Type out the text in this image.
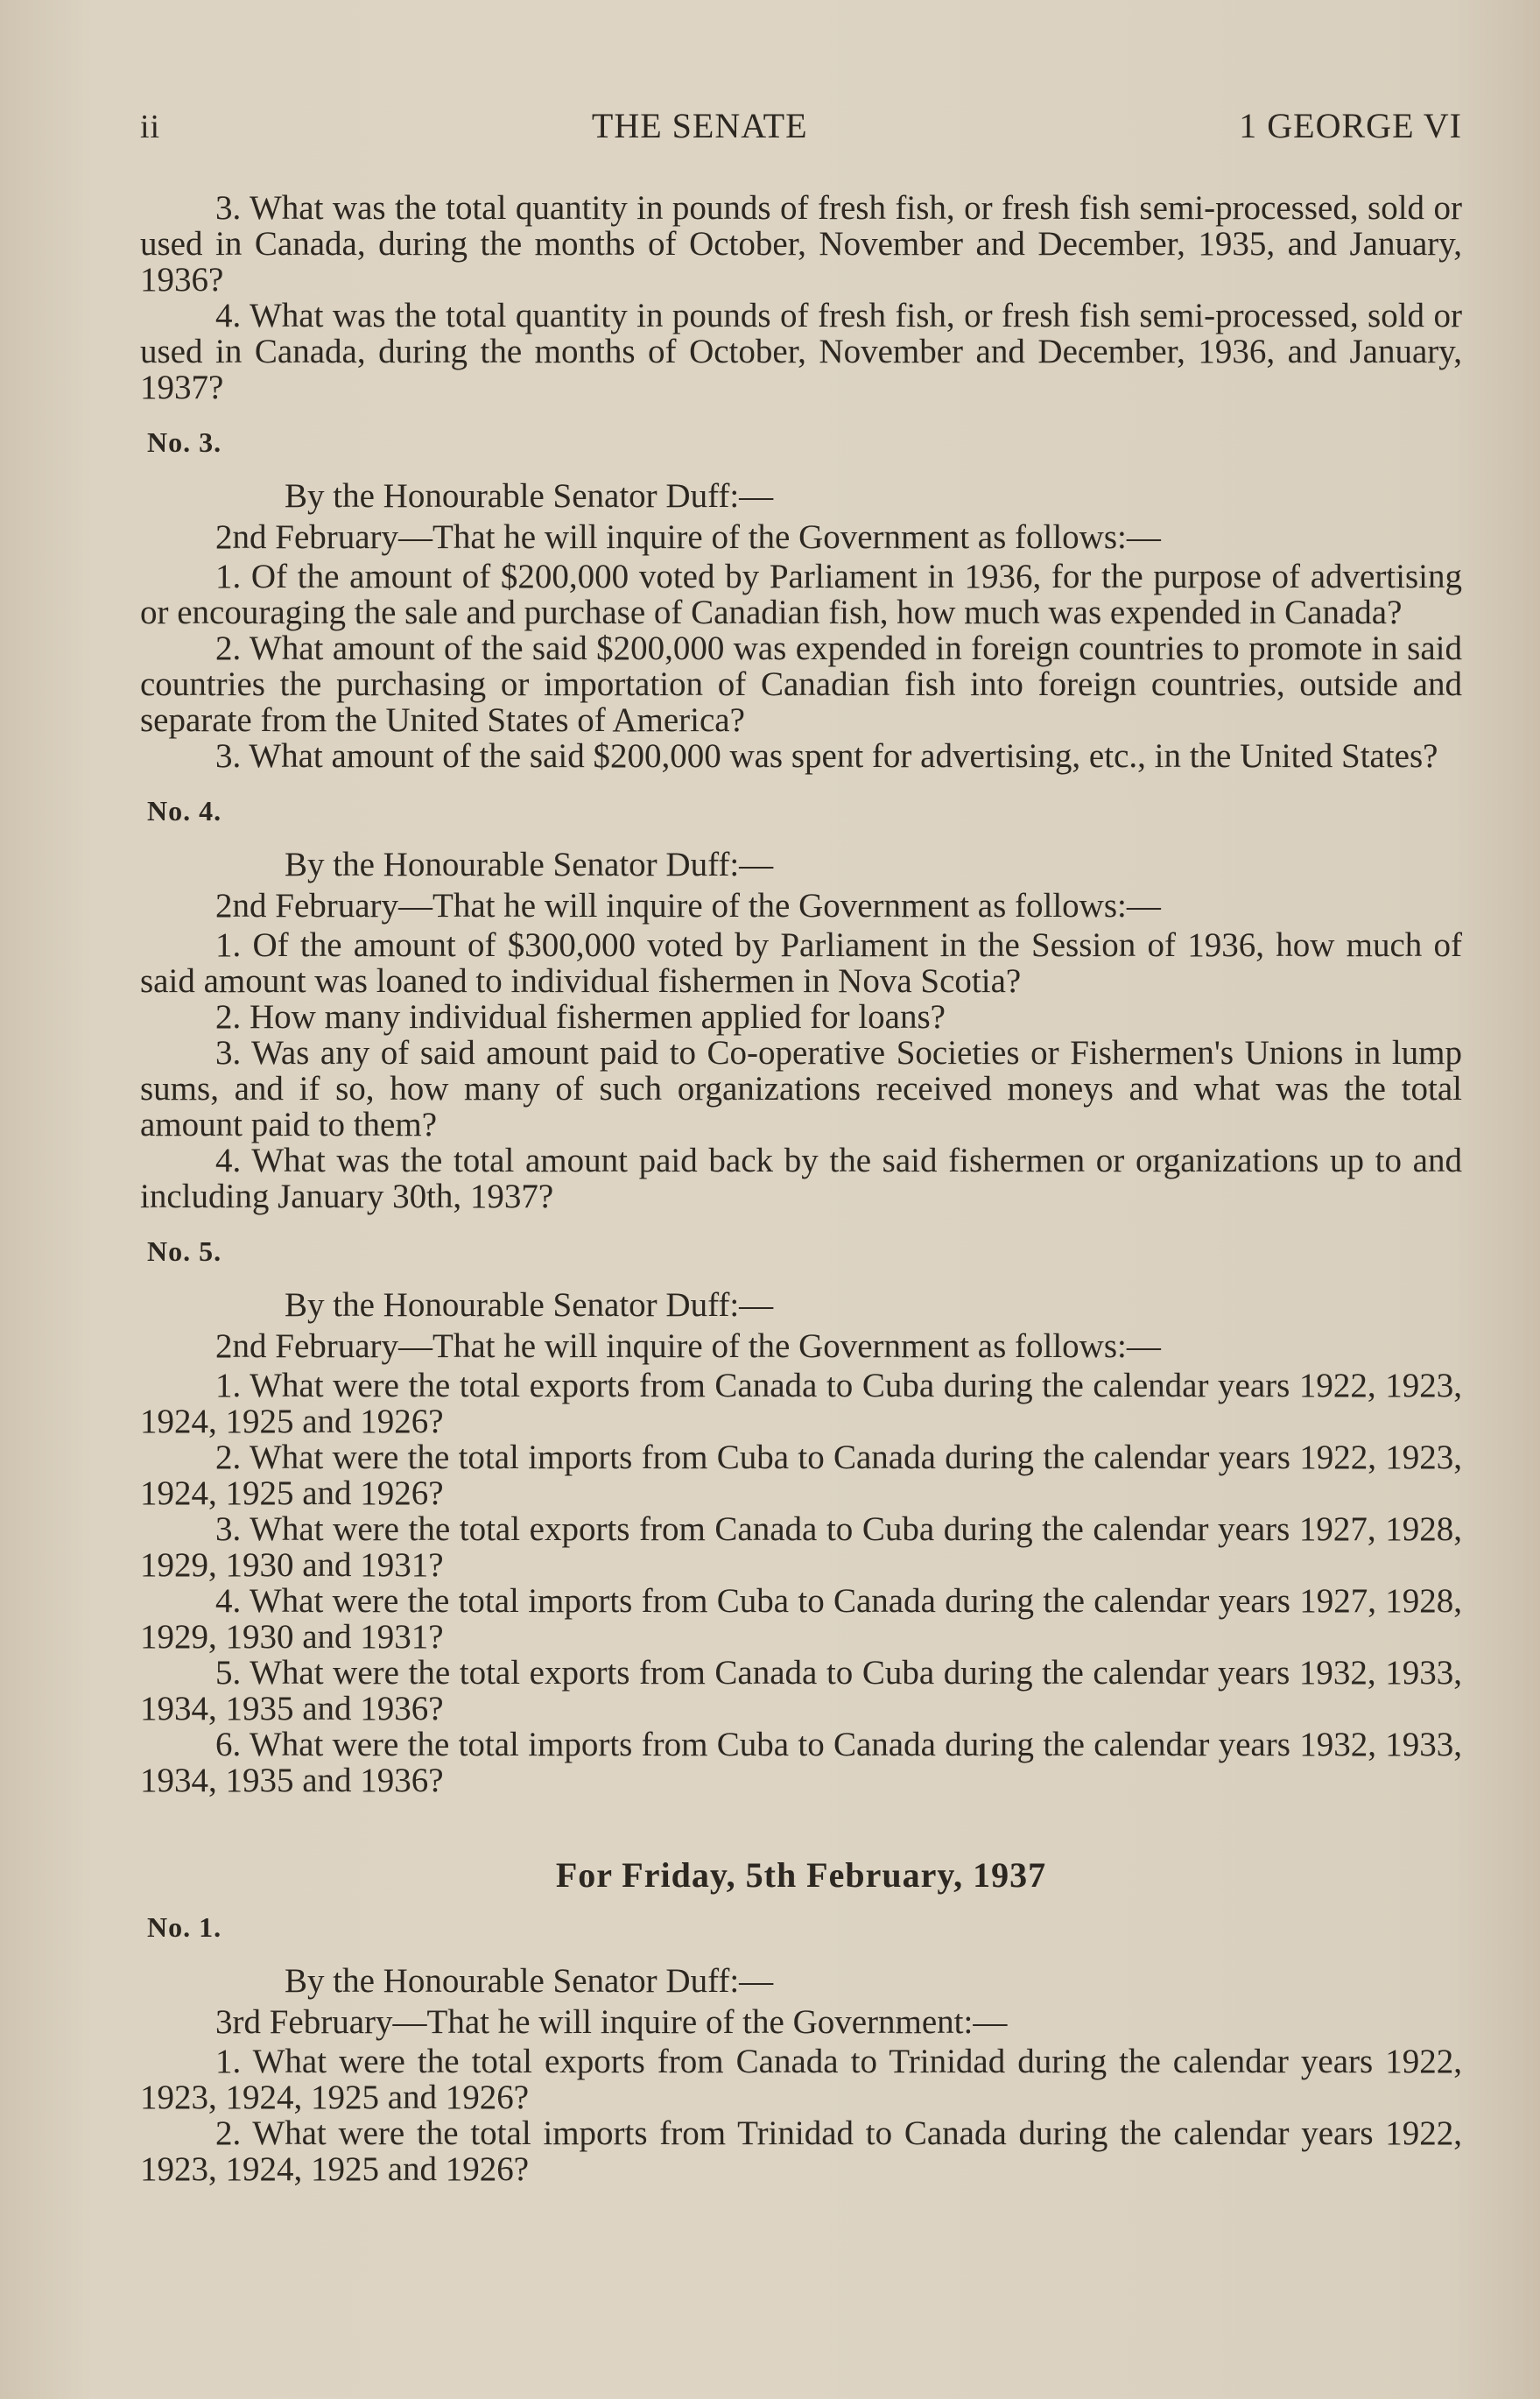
ii	THE SENATE	1 GEORGE VI

3. What was the total quantity in pounds of fresh fish, or fresh fish semi-processed, sold or used in Canada, during the months of October, November and December, 1935, and January, 1936?

4. What was the total quantity in pounds of fresh fish, or fresh fish semi-processed, sold or used in Canada, during the months of October, November and December, 1936, and January, 1937?

No. 3.

By the Honourable Senator Duff:—

2nd February—That he will inquire of the Government as follows:—

1. Of the amount of $200,000 voted by Parliament in 1936, for the purpose of advertising or encouraging the sale and purchase of Canadian fish, how much was expended in Canada?

2. What amount of the said $200,000 was expended in foreign countries to promote in said countries the purchasing or importation of Canadian fish into foreign countries, outside and separate from the United States of America?

3. What amount of the said $200,000 was spent for advertising, etc., in the United States?

No. 4.

By the Honourable Senator Duff:—

2nd February—That he will inquire of the Government as follows:—

1. Of the amount of $300,000 voted by Parliament in the Session of 1936, how much of said amount was loaned to individual fishermen in Nova Scotia?

2. How many individual fishermen applied for loans?

3. Was any of said amount paid to Co-operative Societies or Fishermen's Unions in lump sums, and if so, how many of such organizations received moneys and what was the total amount paid to them?

4. What was the total amount paid back by the said fishermen or organizations up to and including January 30th, 1937?

No. 5.

By the Honourable Senator Duff:—

2nd February—That he will inquire of the Government as follows:—

1. What were the total exports from Canada to Cuba during the calendar years 1922, 1923, 1924, 1925 and 1926?

2. What were the total imports from Cuba to Canada during the calendar years 1922, 1923, 1924, 1925 and 1926?

3. What were the total exports from Canada to Cuba during the calendar years 1927, 1928, 1929, 1930 and 1931?

4. What were the total imports from Cuba to Canada during the calendar years 1927, 1928, 1929, 1930 and 1931?

5. What were the total exports from Canada to Cuba during the calendar years 1932, 1933, 1934, 1935 and 1936?

6. What were the total imports from Cuba to Canada during the calendar years 1932, 1933, 1934, 1935 and 1936?

For Friday, 5th February, 1937
No. 1.

By the Honourable Senator Duff:—

3rd February—That he will inquire of the Government:—

1. What were the total exports from Canada to Trinidad during the calendar years 1922, 1923, 1924, 1925 and 1926?

2. What were the total imports from Trinidad to Canada during the calendar years 1922, 1923, 1924, 1925 and 1926?
